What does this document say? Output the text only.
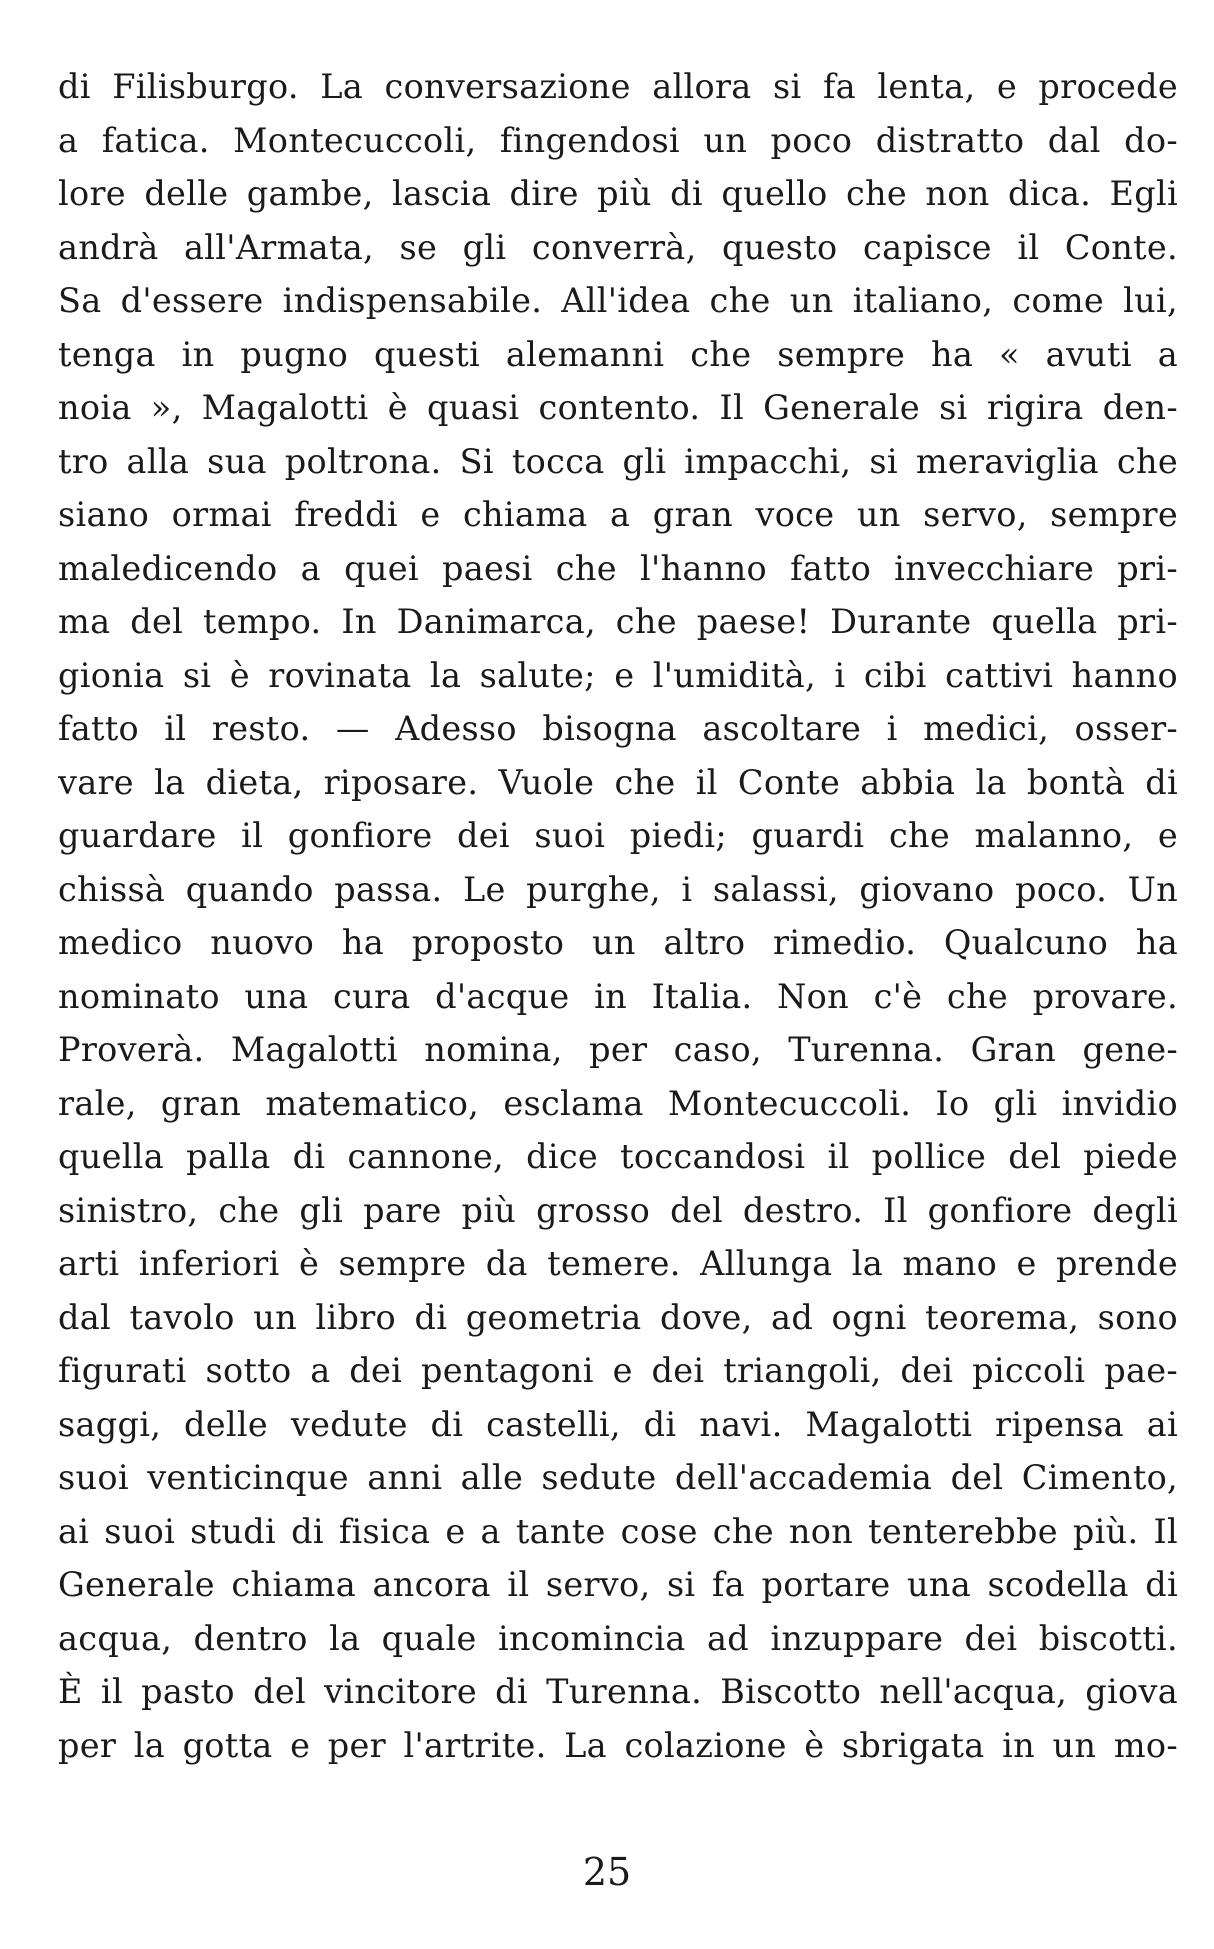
di Filisburgo. La conversazione allora si fa lenta, e procede
a fatica. Montecuccoli, fingendosi un poco distratto dal do-
lore delle gambe, lascia dire più di quello che non dica. Egli
andrà all'Armata, se gli converrà, questo capisce il Conte.
Sa d'essere indispensabile. All'idea che un italiano, come lui,
tenga in pugno questi alemanni che sempre ha « avuti a
noia », Magalotti è quasi contento. Il Generale si rigira den-
tro alla sua poltrona. Si tocca gli impacchi, si meraviglia che
siano ormai freddi e chiama a gran voce un servo, sempre
maledicendo a quei paesi che l'hanno fatto invecchiare pri-
ma del tempo. In Danimarca, che paese! Durante quella pri-
gionia si è rovinata la salute; e l'umidità, i cibi cattivi hanno
fatto il resto. — Adesso bisogna ascoltare i medici, osser-
vare la dieta, riposare. Vuole che il Conte abbia la bontà di
guardare il gonfiore dei suoi piedi; guardi che malanno, e
chissà quando passa. Le purghe, i salassi, giovano poco. Un
medico nuovo ha proposto un altro rimedio. Qualcuno ha
nominato una cura d'acque in Italia. Non c'è che provare.
Proverà. Magalotti nomina, per caso, Turenna. Gran gene-
rale, gran matematico, esclama Montecuccoli. Io gli invidio
quella palla di cannone, dice toccandosi il pollice del piede
sinistro, che gli pare più grosso del destro. Il gonfiore degli
arti inferiori è sempre da temere. Allunga la mano e prende
dal tavolo un libro di geometria dove, ad ogni teorema, sono
figurati sotto a dei pentagoni e dei triangoli, dei piccoli pae-
saggi, delle vedute di castelli, di navi. Magalotti ripensa ai
suoi venticinque anni alle sedute dell'accademia del Cimento,
ai suoi studi di fisica e a tante cose che non tenterebbe più. Il
Generale chiama ancora il servo, si fa portare una scodella di
acqua, dentro la quale incomincia ad inzuppare dei biscotti.
È il pasto del vincitore di Turenna. Biscotto nell'acqua, giova
per la gotta e per l'artrite. La colazione è sbrigata in un mo-
25
